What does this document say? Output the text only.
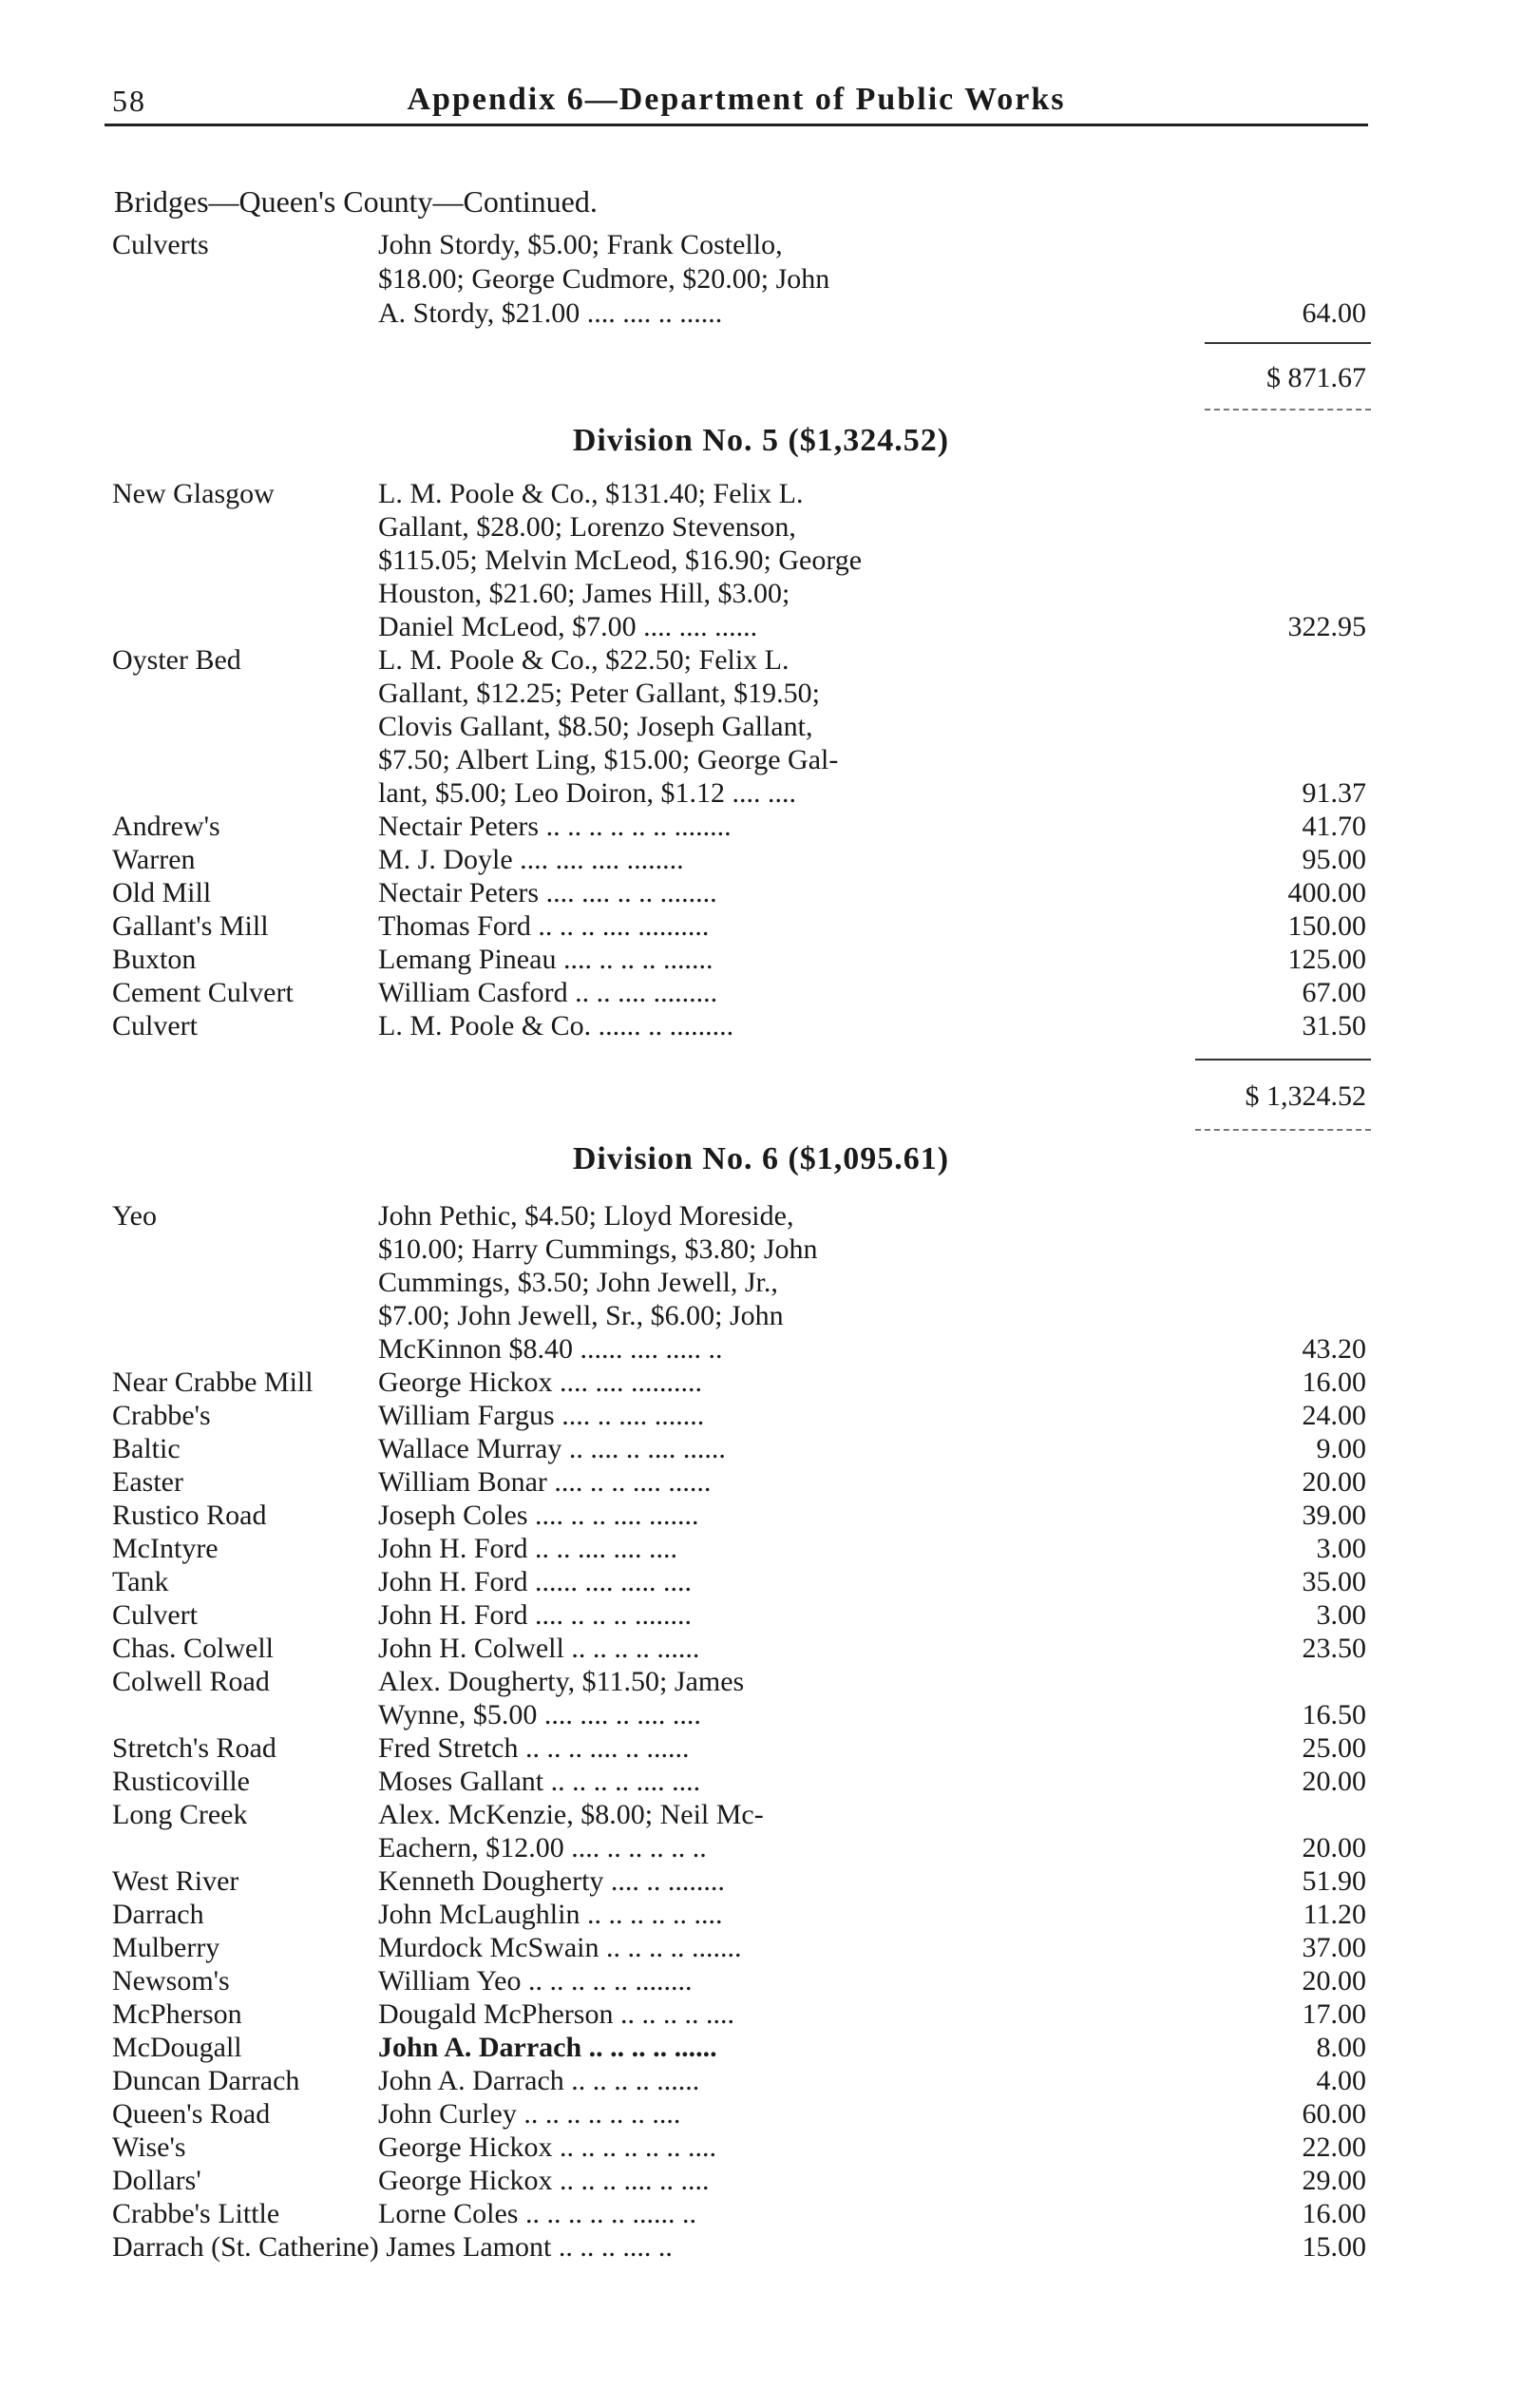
58	Appendix 6—Department of Public Works
Bridges—Queen's County—Continued.
Culverts	John Stordy, $5.00; Frank Costello,
$18.00; George Cudmore, $20.00; John
A. Stordy, $21.00 .... .... .. ......	64.00
$ 871.67
Division No. 5 ($1,324.52)
New Glasgow	L. M. Poole & Co., $131.40; Felix L.
Gallant, $28.00; Lorenzo Stevenson,
$115.05; Melvin McLeod, $16.90; George
Houston, $21.60; James Hill, $3.00;
Daniel McLeod, $7.00 .... .... ......	322.95
Oyster Bed	L. M. Poole & Co., $22.50; Felix L.
Gallant, $12.25; Peter Gallant, $19.50;
Clovis Gallant, $8.50; Joseph Gallant,
$7.50; Albert Ling, $15.00; George Gal-
lant, $5.00; Leo Doiron, $1.12 .... ....	91.37
Andrew's	Nectair Peters .. .. .. .. .. .. ........	41.70
Warren	M. J. Doyle .... .... .... ........	95.00
Old Mill	Nectair Peters .... .... .. .. ........	400.00
Gallant's Mill	Thomas Ford .. .. .. .... ..........	150.00
Buxton	Lemang Pineau .... .. .. .. .......	125.00
Cement Culvert	William Casford .. .. .... .........	67.00
Culvert	L. M. Poole & Co. ...... .. .........	31.50
$ 1,324.52
Division No. 6 ($1,095.61)
Yeo	John Pethic, $4.50; Lloyd Moreside,
$10.00; Harry Cummings, $3.80; John
Cummings, $3.50; John Jewell, Jr.,
$7.00; John Jewell, Sr., $6.00; John
McKinnon $8.40 ...... .... ..... ..	43.20
Near Crabbe Mill George Hickox .... .... ..........	16.00
Crabbe's	William Fargus .... .. .... .......	24.00
Baltic	Wallace Murray .. .... .. .... ......	9.00
Easter	William Bonar .... .. .. .... ......	20.00
Rustico Road	Joseph Coles .... .. .. .... .......	39.00
McIntyre	John H. Ford .. .. .... .... ....	3.00
Tank	John H. Ford ...... .... ..... ....	35.00
Culvert	John H. Ford .... .. .. .. ........	3.00
Chas. Colwell	John H. Colwell .. .. .. .. ......	23.50
Colwell Road	Alex. Dougherty, $11.50; James
Wynne, $5.00 .... .... .. .... ....	16.50
Stretch's Road	Fred Stretch .. .. .. .... .. ......	25.00
Rusticoville	Moses Gallant .. .. .. .. .... ....	20.00
Long Creek	Alex. McKenzie, $8.00; Neil Mc-
Eachern, $12.00 .... .. .. .. .. ..	20.00
West River	Kenneth Dougherty .... .. ........	51.90
Darrach	John McLaughlin .. .. .. .. .. ....	11.20
Mulberry	Murdock McSwain .. .. .. .. .......	37.00
Newsom's	William Yeo .. .. .. .. .. ........	20.00
McPherson	Dougald McPherson .. .. .. .. ....	17.00
McDougall	John A. Darrach .. .. .. .. ......	8.00
Duncan Darrach	John A. Darrach .. .. .. .. ......	4.00
Queen's Road	John Curley .. .. .. .. .. .. ....	60.00
Wise's	George Hickox .. .. .. .. .. .. ....	22.00
Dollars'	George Hickox .. .. .. .... .. ....	29.00
Crabbe's Little	Lorne Coles .. .. .. .. .. ...... ..	16.00
Darrach (St. Catherine) James Lamont .. .. .. .... ..	15.00
